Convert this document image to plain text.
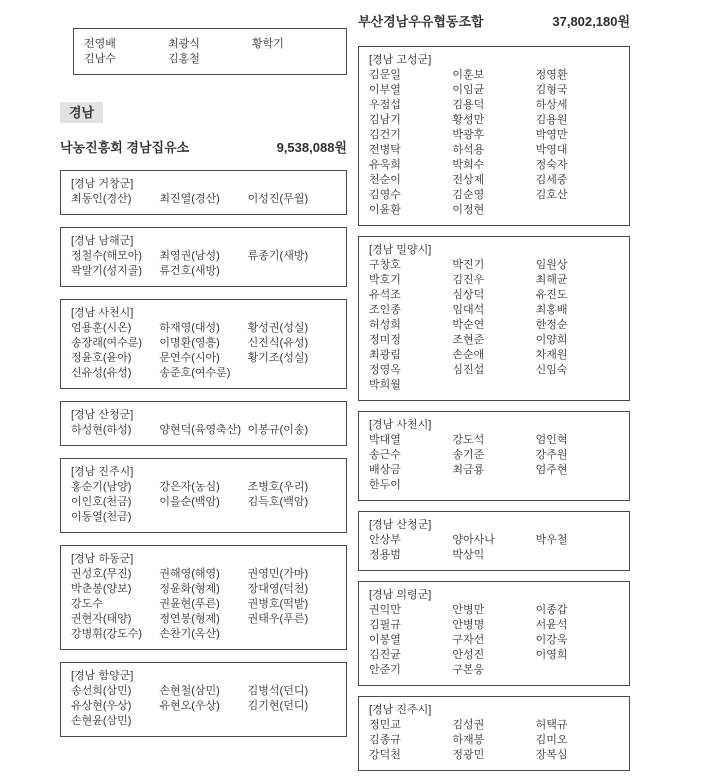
전영배	최광식	황학기
김남수	김홍철
경남
낙농진흥회 경남집유소	9,538,088원
[경남 거창군]
최동인(경산)	최진열(경산)	이성진(무월)
[경남 남해군]
정철수(해모아)	최영권(남성)	류종기(새방)
곽말기(성지골)	류건호(새방)
[경남 사천시]
엄용훈(시온)	하재영(대성)	황성권(성실)
송장래(여수룬)	이명환(영흥)	신진식(유성)
정윤호(윤아)	문연수(시아)	황기조(성실)
신유성(유성)	송준호(여수룬)
[경남 산청군]
하성현(하성)	양현덕(육영축산) 이봉규(이송)
[경남 진주시]
홍순기(남양)	강은자(농심)	조병호(우리)
이인호(천금)	이을순(백암)	김득호(백암)
이동열(천금)
[경남 하동군]
권성호(무진)	권해영(해영)	권영민(가마)
박춘봉(양보)	정윤화(형제)	장대영(덕천)
강도수	권윤현(푸른)	권병호(떡밭)
권현자(태양)	정연봉(형제)	권태우(푸른)
강병휘(강도수)	손찬기(옥산)
[경남 함양군]
송선희(삼민)	손현철(삼민)	김병석(던디)
유상현(우상)	유현오(우상)	김기현(던디)
손현윤(삼민)
부산경남우유협동조합	37,802,180원
[경남 고성군]
김문일	이훈보	정영환
이부열	이임균	김형국
우점섭	김용덕	하상세
김남기	황성만	김용원
김건기	박광후	박영만
전병탁	하석용	박영대
유욱희	박희수	정숙자
천순이	전상제	김세중
김영수	김순영	김호산
이윤환	이정현
[경남 밀양시]
구창호	박진기	임원상
박호기	김진우	최해균
유석조	심상덕	유진도
조인종	임대석	최홍배
허성희	박순연	한정순
정미정	조현준	이양희
최광림	손순애	차재원
정영옥	심진섭	신임숙
박희월
[경남 사천시]
박대열	강도석	엄인혁
송근수	송기준	강주원
배상금	최금룡	엄주현
한두이
[경남 산청군]
안상부	양아사나	박우철
정용범	박상익
[경남 의령군]
권익만	안병만	이종갑
김필규	안병명	서윤석
이봉열	구자선	이강욱
김진균	안성진	이영희
안준기	구본웅
[경남 진주시]
정민교	김성권	허택규
김종규	하재봉	김미오
강덕천	정광민	장복심
